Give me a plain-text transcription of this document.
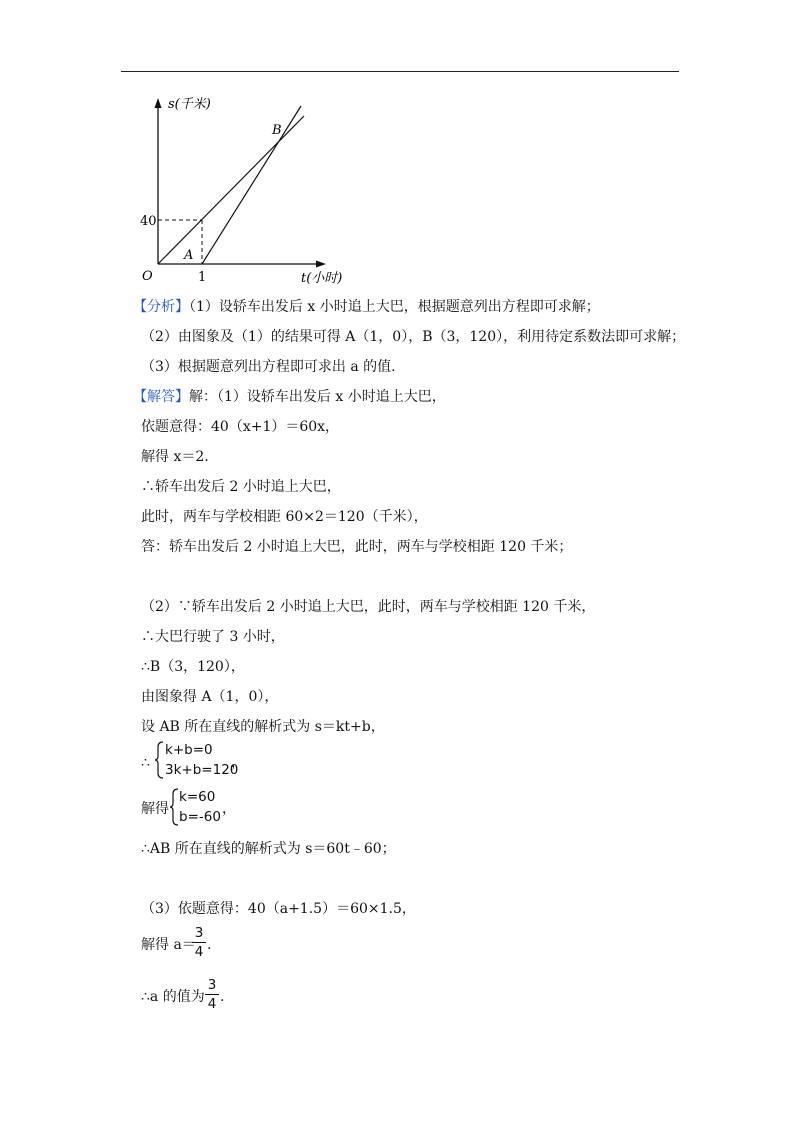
s(千米)
t(小时)
O
40
1
A
B
【分析】（1）设轿车出发后 x 小时追上大巴，根据题意列出方程即可求解；
（2）由图象及（1）的结果可得 A（1，0），B（3，120），利用待定系数法即可求解；
（3）根据题意列出方程即可求出 a 的值.
【解答】解：（1）设轿车出发后 x 小时追上大巴，
依题意得：40（x+1）＝60x，
解得 x＝2.
∴轿车出发后 2 小时追上大巴，
此时，两车与学校相距 60×2＝120（千米），
答：轿车出发后 2 小时追上大巴，此时，两车与学校相距 120 千米；
（2）∵轿车出发后 2 小时追上大巴，此时，两车与学校相距 120 千米，
∴大巴行驶了 3 小时，
∴B（3，120），
由图象得 A（1，0），
设 AB 所在直线的解析式为 s＝kt+b，
∴
k+b=0
3k+b=120
，
解得
k=60
b=-60 ，
∴AB 所在直线的解析式为 s＝60t﹣60；
（3）依题意得：40（a+1.5）＝60×1.5，
解得 a＝
3
4 .
∴a 的值为
3
4 .
